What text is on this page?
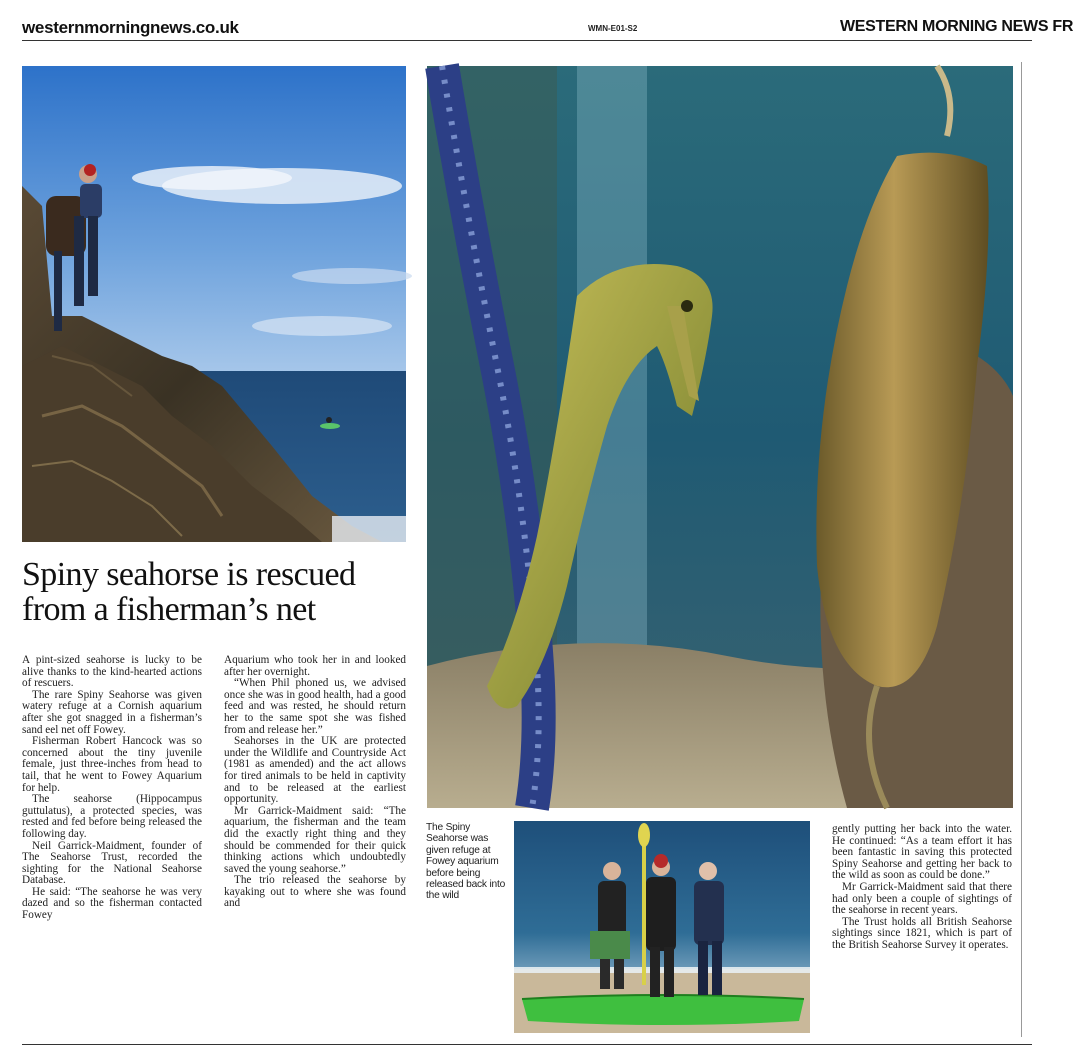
westernmorningnews.co.uk	WMN-E01-S2	WESTERN MORNING NEWS FR
Spiny seahorse is rescued
from a fisherman’s net

A pint-sized seahorse is lucky to be alive thanks to the kind-hearted actions of rescuers.

The rare Spiny Seahorse was given watery refuge at a Cornish aquarium after she got snagged in a fisherman’s sand eel net off Fowey.

Fisherman Robert Hancock was so concerned about the tiny juvenile female, just three-inches from head to tail, that he went to Fowey Aquarium for help.

The seahorse (Hippocampus guttulatus), a protected species, was rested and fed before being released the following day.

Neil Garrick-Maidment, founder of The Seahorse Trust, recorded the sighting for the National Seahorse Database.

He said: “The seahorse he was very dazed and so the fisherman contacted Fowey

Aquarium who took her in and looked after her overnight.

“When Phil phoned us, we advised once she was in good health, had a good feed and was rested, he should return her to the same spot she was fished from and release her.”

Seahorses in the UK are protected under the Wildlife and Countryside Act (1981 as amended) and the act allows for tired animals to be held in captivity and to be released at the earliest opportunity.

Mr Garrick-Maidment said: “The aquarium, the fisherman and the team did the exactly right thing and they should be commended for their quick thinking actions which undoubtedly saved the young seahorse.”

The trio released the seahorse by kayaking out to where she was found and

The Spiny Seahorse was given refuge at Fowey aquarium before being released back into the wild

gently putting her back into the water. He continued: “As a team effort it has been fantastic in saving this protected Spiny Seahorse and getting her back to the wild as soon as could be done.”

Mr Garrick-Maidment said that there had only been a couple of sightings of the seahorse in recent years.

The Trust holds all British Seahorse sightings since 1821, which is part of the British Seahorse Survey it operates.
